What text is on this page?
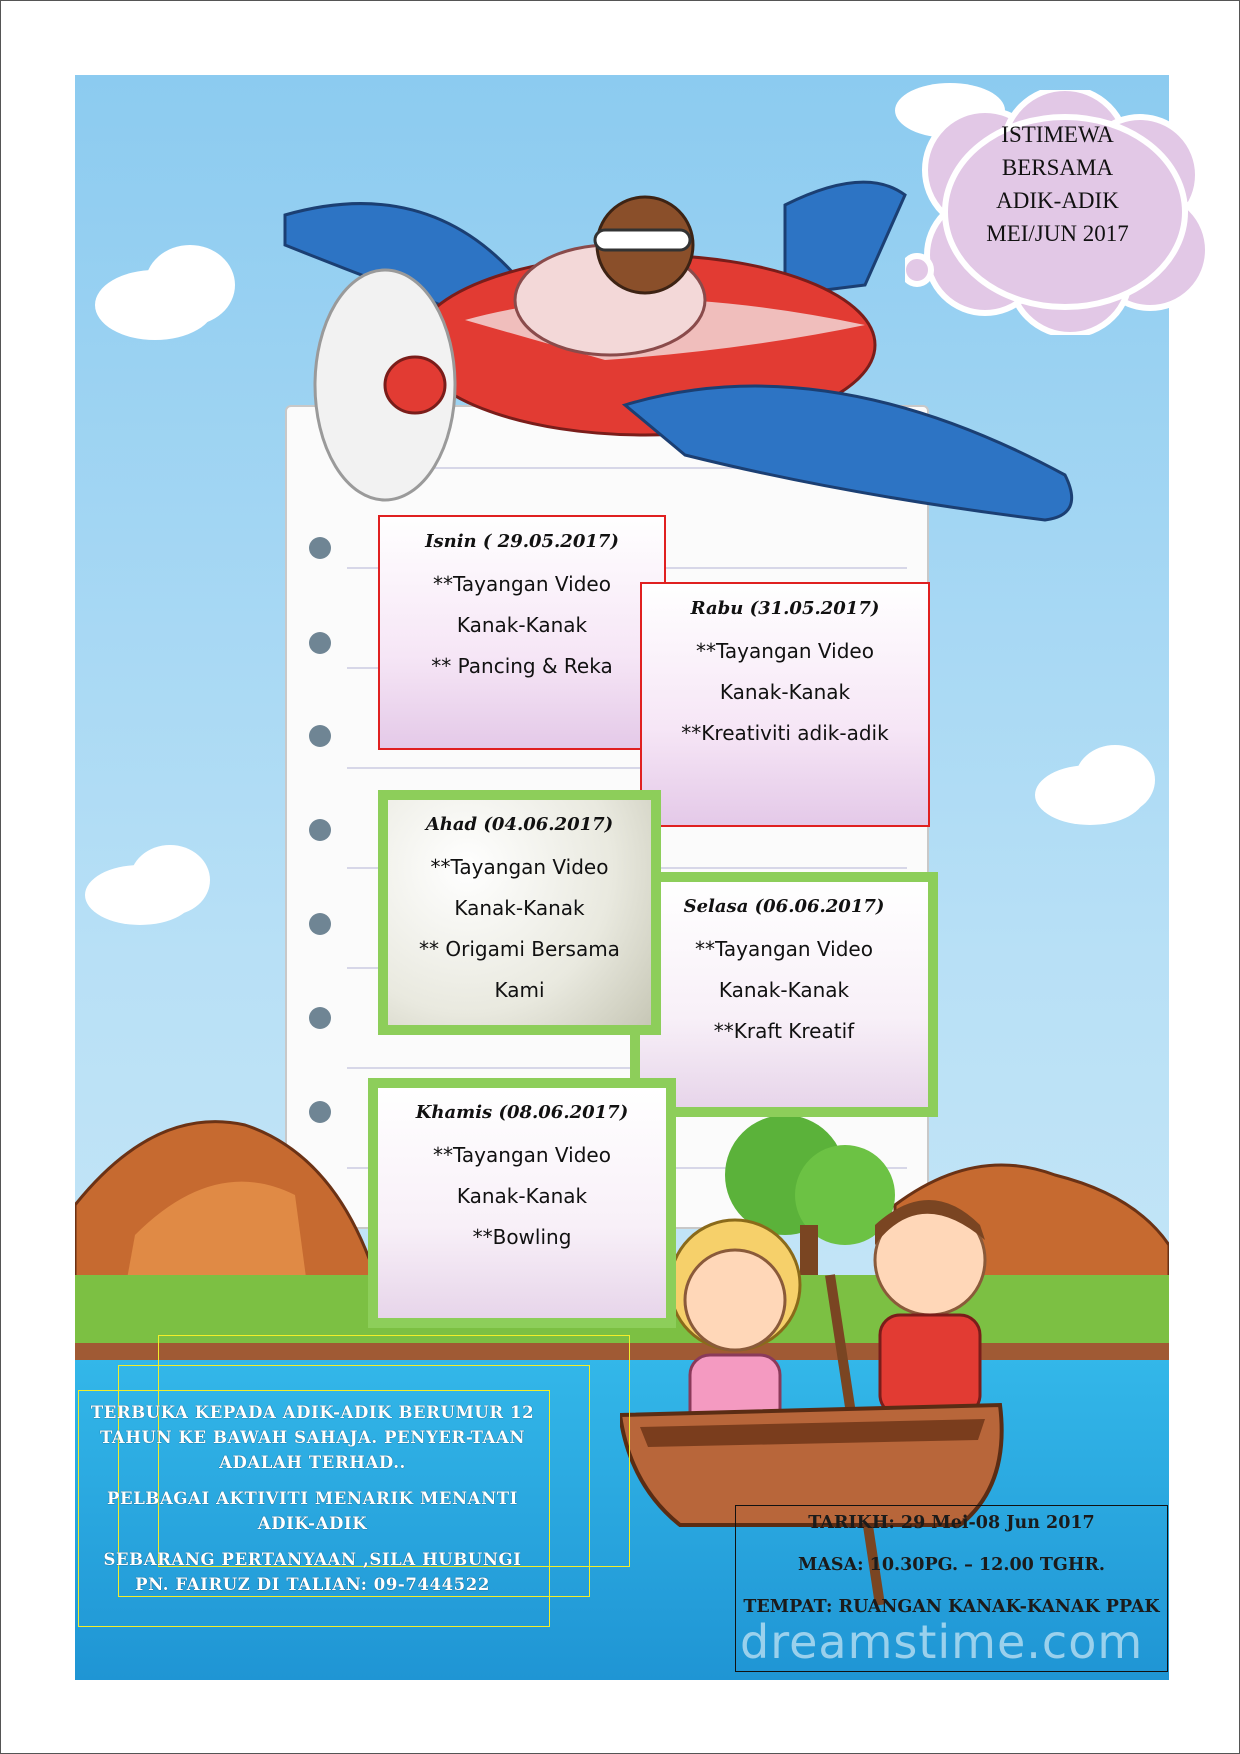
ISTIMEWA
BERSAMA
ADIK-ADIK
MEI/JUN 2017
Isnin ( 29.05.2017)
**Tayangan Video
Kanak-Kanak
** Pancing & Reka
Rabu (31.05.2017)
**Tayangan Video
Kanak-Kanak
**Kreativiti adik-adik
Selasa (06.06.2017)
**Tayangan Video
Kanak-Kanak
**Kraft Kreatif
Ahad (04.06.2017)
**Tayangan Video
Kanak-Kanak
** Origami Bersama
Kami
Khamis (08.06.2017)
**Tayangan Video
Kanak-Kanak
**Bowling

TERBUKA KEPADA ADIK-ADIK BERUMUR 12 TAHUN KE BAWAH SAHAJA. PENYER-TAAN ADALAH TERHAD..

PELBAGAI AKTIVITI MENARIK MENANTI ADIK-ADIK

SEBARANG PERTANYAAN ,SILA HUBUNGI PN. FAIRUZ DI TALIAN: 09-7444522

dreamstime.com

TARIKH: 29 Mei-08 Jun 2017

MASA: 10.30PG. – 12.00 TGHR.

TEMPAT: RUANGAN KANAK-KANAK PPAK
